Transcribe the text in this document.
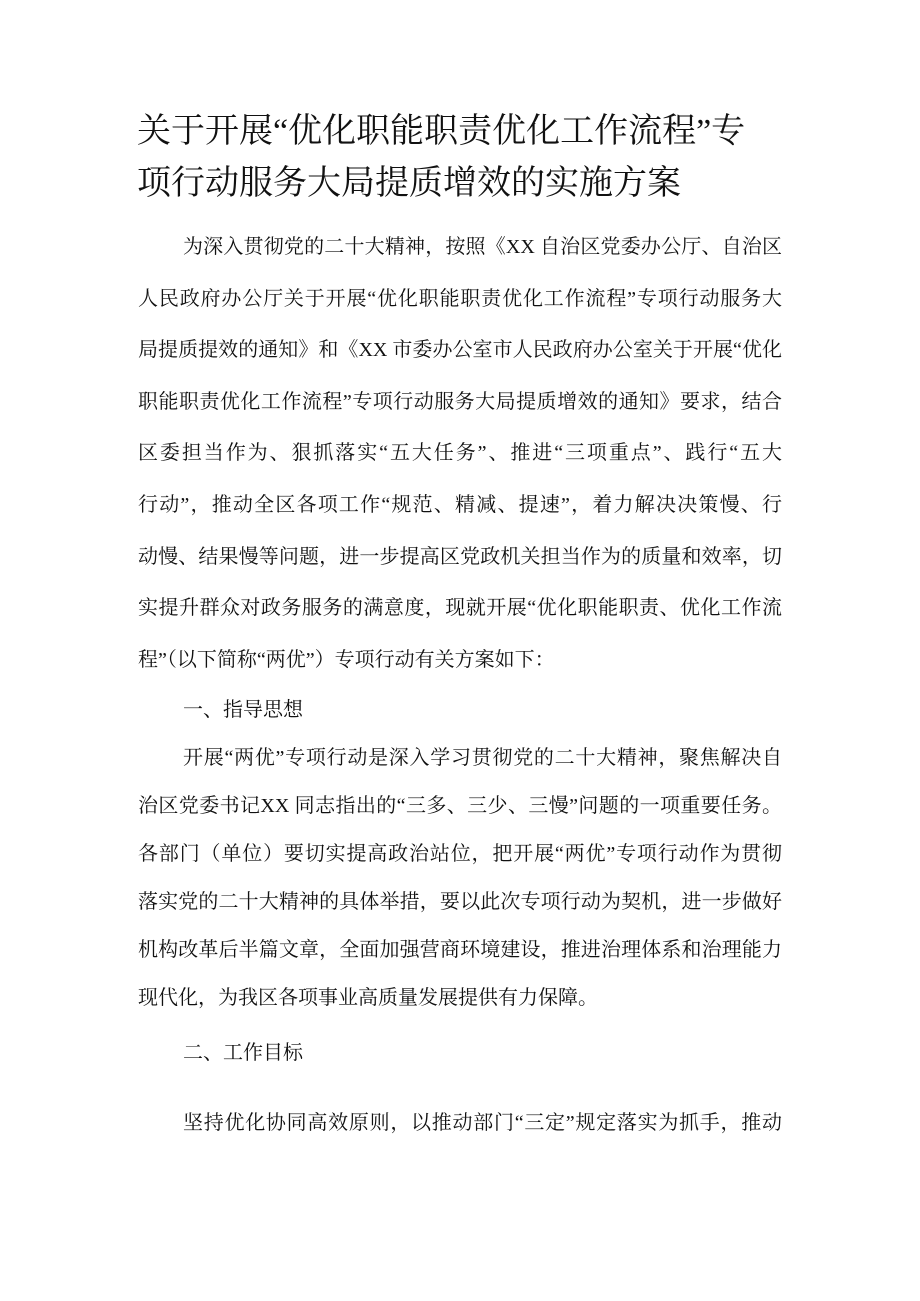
关于开展“优化职能职责优化工作流程”专
项行动服务大局提质增效的实施方案
为深入贯彻党的二十大精神，按照《XX 自治区党委办公厅、自治区
人民政府办公厅关于开展“优化职能职责优化工作流程”专项行动服务大
局提质提效的通知》和《XX 市委办公室市人民政府办公室关于开展“优化
职能职责优化工作流程”专项行动服务大局提质增效的通知》要求，结合
区委担当作为、狠抓落实“五大任务”、推进“三项重点”、践行“五大
行动”，推动全区各项工作“规范、精减、提速”，着力解决决策慢、行
动慢、结果慢等问题，进一步提高区党政机关担当作为的质量和效率，切
实提升群众对政务服务的满意度，现就开展“优化职能职责、优化工作流
程”（以下简称“两优”）专项行动有关方案如下：
一、指导思想
开展“两优”专项行动是深入学习贯彻党的二十大精神，聚焦解决自
治区党委书记XX 同志指出的“三多、三少、三慢”问题的一项重要任务。
各部门（单位）要切实提高政治站位，把开展“两优”专项行动作为贯彻
落实党的二十大精神的具体举措，要以此次专项行动为契机，进一步做好
机构改革后半篇文章，全面加强营商环境建设，推进治理体系和治理能力
现代化，为我区各项事业高质量发展提供有力保障。
二、工作目标
坚持优化协同高效原则，以推动部门“三定”规定落实为抓手，推动
